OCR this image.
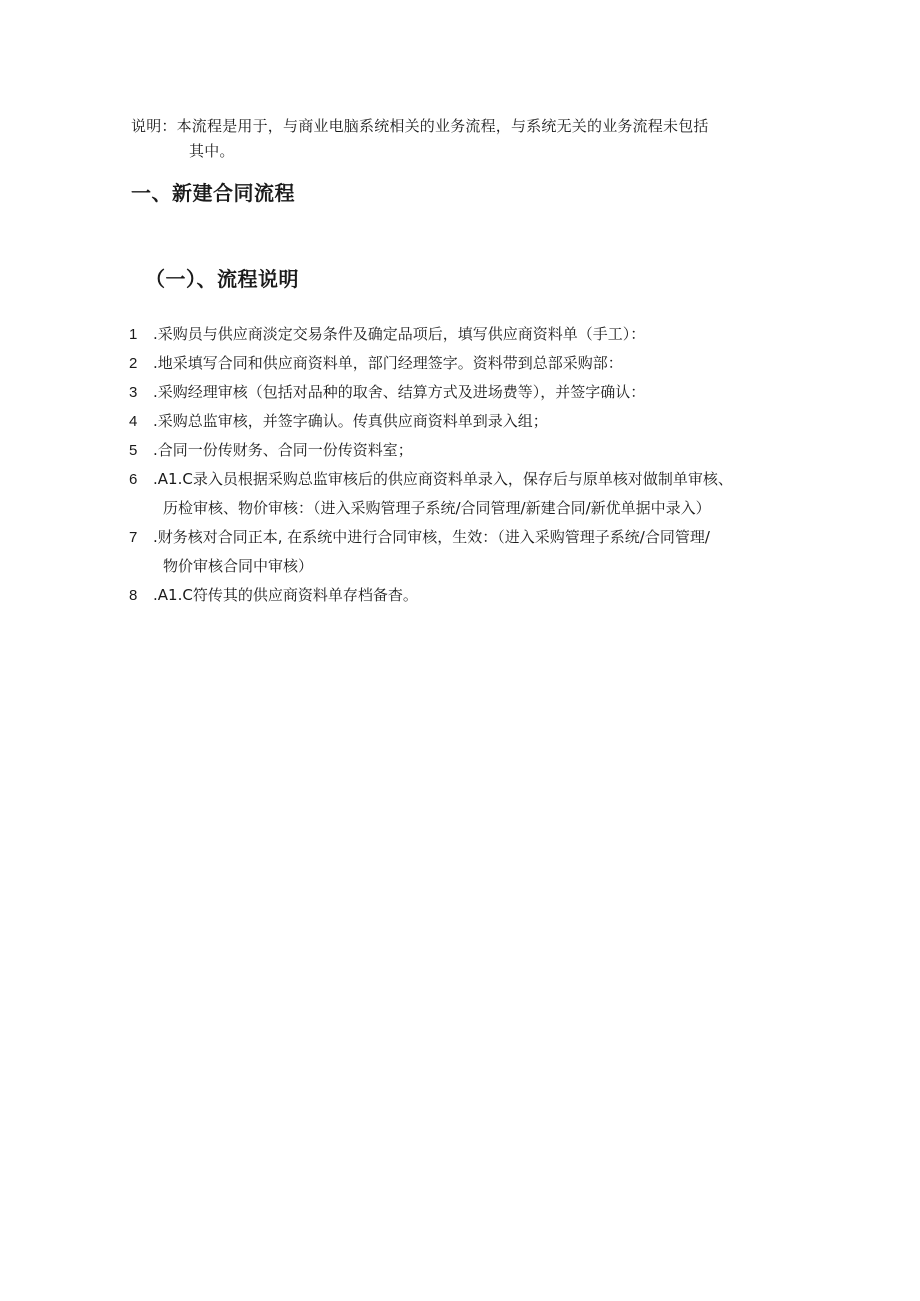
说明：本流程是用于，与商业电脑系统相关的业务流程，与系统无关的业务流程未包括
其中。
一、新建合同流程
（一）、流程说明
1	.采购员与供应商淡定交易条件及确定品项后，填写供应商资料单（手工）：
2	.地采填写合同和供应商资料单，部门经理签字。资料带到总部采购部：
3	.采购经理审核（包括对品种的取舍、结算方式及进场费等），并签字确认：
4	.采购总监审核，并签字确认。传真供应商资料单到录入组；
5	.合同一份传财务、合同一份传资料室；
6	.A1.C录入员根据采购总监审核后的供应商资料单录入，保存后与原单核对做制单审核、
历检审核、物价审核：（进入采购管理子系统/合同管理/新建合同/新优单据中录入）
7	.财务核对合同正本, 在系统中进行合同审核，生效：（进入采购管理子系统/合同管理/
物价审核合同中审核）
8	.A1.C符传其的供应商资料单存档备杳。
